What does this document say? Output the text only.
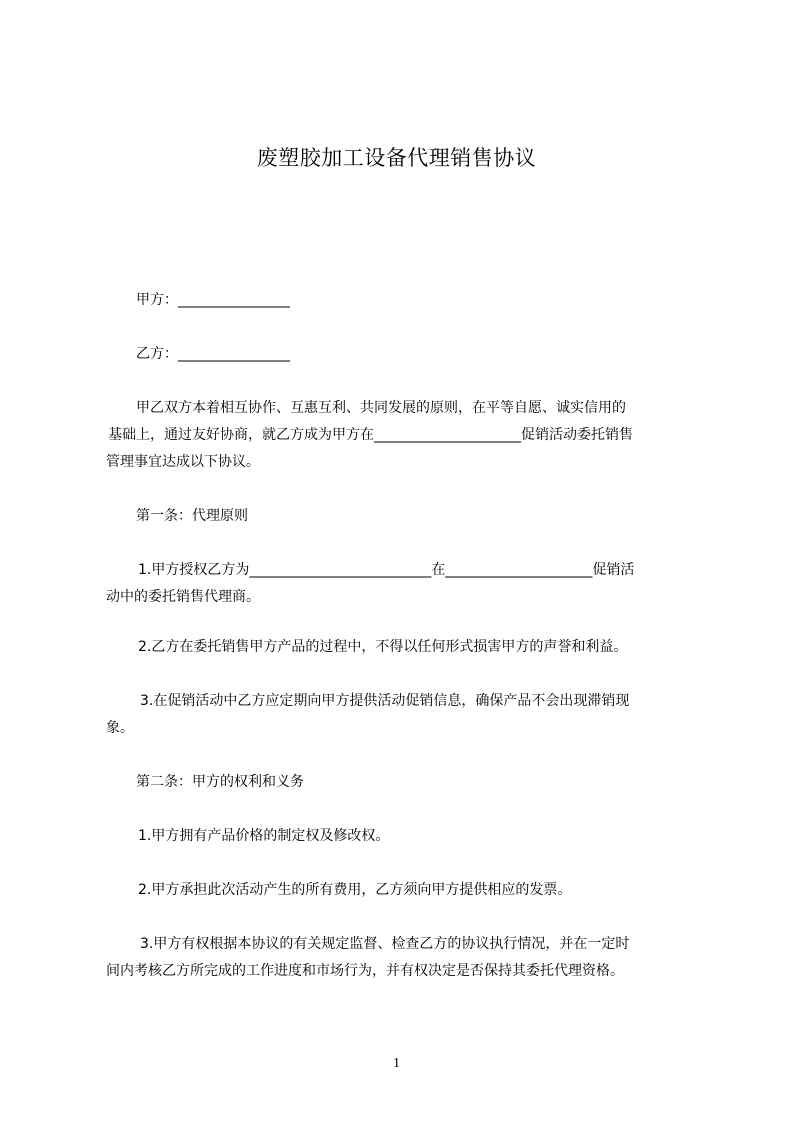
废塑胶加工设备代理销售协议
甲方：________________
乙方：________________
甲乙双方本着相互协作、互惠互利、共同发展的原则，在平等自愿、诚实信用的
基础上，通过友好协商，就乙方成为甲方在_____________________促销活动委托销售
管理事宜达成以下协议。
第一条：代理原则
1.甲方授权乙方为__________________________在_____________________促销活
动中的委托销售代理商。
2.乙方在委托销售甲方产品的过程中，不得以任何形式损害甲方的声誉和利益。
3.在促销活动中乙方应定期向甲方提供活动促销信息，确保产品不会出现滞销现
象。
第二条：甲方的权利和义务
1.甲方拥有产品价格的制定权及修改权。
2.甲方承担此次活动产生的所有费用，乙方须向甲方提供相应的发票。
3.甲方有权根据本协议的有关规定监督、检查乙方的协议执行情况，并在一定时
间内考核乙方所完成的工作进度和市场行为，并有权决定是否保持其委托代理资格。
1
